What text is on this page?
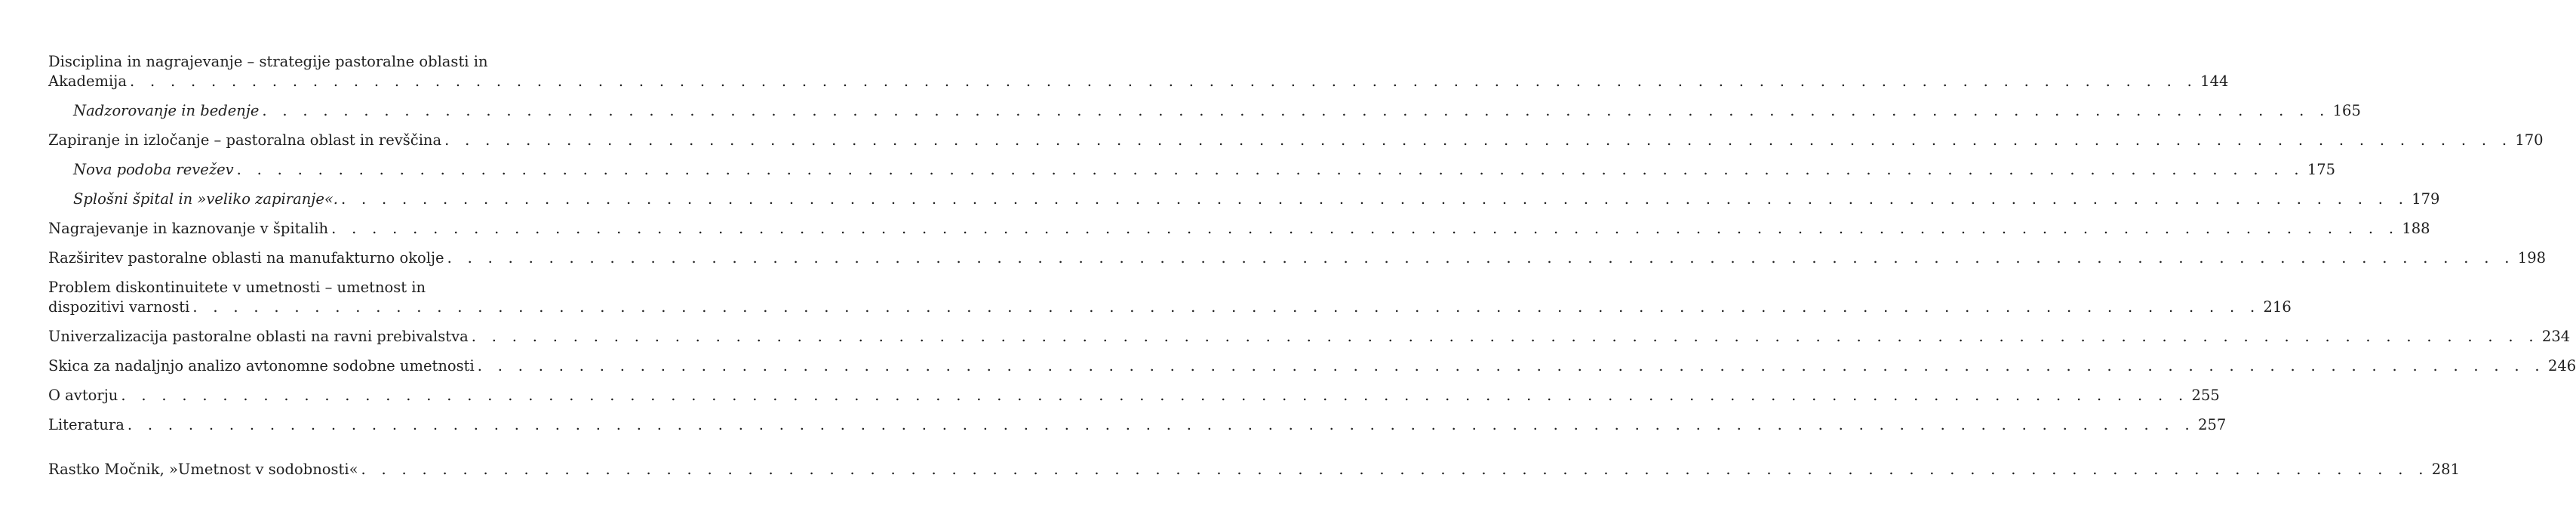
Disciplina in nagrajevanje – strategije pastoralne oblasti in
Akademija . . . . . . . . . . . . . . . . . . . . . . . . . . . . . . . . . . . . . . . . . . . . . . . . . . . . . . . . . . . . . . . . . . . . . . . . . . . . . . . . . . . . . . . . . . . . . . . . . . . . . . 144
Nadzorovanje in bedenje . . . . . . . . . . . . . . . . . . . . . . . . . . . . . . . . . . . . . . . . . . . . . . . . . . . . . . . . . . . . . . . . . . . . . . . . . . . . . . . . . . . . . . . . . . . . . . . . . . . . . . 165
Zapiranje in izločanje – pastoralna oblast in revščina . . . . . . . . . . . . . . . . . . . . . . . . . . . . . . . . . . . . . . . . . . . . . . . . . . . . . . . . . . . . . . . . . . . . . . . . . . . . . . . . . . . . . . . . . . . . . . . . . . . . . . 170
Nova podoba revežev . . . . . . . . . . . . . . . . . . . . . . . . . . . . . . . . . . . . . . . . . . . . . . . . . . . . . . . . . . . . . . . . . . . . . . . . . . . . . . . . . . . . . . . . . . . . . . . . . . . . . . 175
Splošni špital in »veliko zapiranje«. . . . . . . . . . . . . . . . . . . . . . . . . . . . . . . . . . . . . . . . . . . . . . . . . . . . . . . . . . . . . . . . . . . . . . . . . . . . . . . . . . . . . . . . . . . . . . . . . . . . . . . 179
Nagrajevanje in kaznovanje v špitalih . . . . . . . . . . . . . . . . . . . . . . . . . . . . . . . . . . . . . . . . . . . . . . . . . . . . . . . . . . . . . . . . . . . . . . . . . . . . . . . . . . . . . . . . . . . . . . . . . . . . . . 188
Razširitev pastoralne oblasti na manufakturno okolje . . . . . . . . . . . . . . . . . . . . . . . . . . . . . . . . . . . . . . . . . . . . . . . . . . . . . . . . . . . . . . . . . . . . . . . . . . . . . . . . . . . . . . . . . . . . . . . . . . . . . . 198
Problem diskontinuitete v umetnosti – umetnost in
dispozitivi varnosti . . . . . . . . . . . . . . . . . . . . . . . . . . . . . . . . . . . . . . . . . . . . . . . . . . . . . . . . . . . . . . . . . . . . . . . . . . . . . . . . . . . . . . . . . . . . . . . . . . . . . . 216
Univerzalizacija pastoralne oblasti na ravni prebivalstva . . . . . . . . . . . . . . . . . . . . . . . . . . . . . . . . . . . . . . . . . . . . . . . . . . . . . . . . . . . . . . . . . . . . . . . . . . . . . . . . . . . . . . . . . . . . . . . . . . . . . . 234
Skica za nadaljnjo analizo avtonomne sodobne umetnosti . . . . . . . . . . . . . . . . . . . . . . . . . . . . . . . . . . . . . . . . . . . . . . . . . . . . . . . . . . . . . . . . . . . . . . . . . . . . . . . . . . . . . . . . . . . . . . . . . . . . . . 246
O avtorju . . . . . . . . . . . . . . . . . . . . . . . . . . . . . . . . . . . . . . . . . . . . . . . . . . . . . . . . . . . . . . . . . . . . . . . . . . . . . . . . . . . . . . . . . . . . . . . . . . . . . . 255
Literatura . . . . . . . . . . . . . . . . . . . . . . . . . . . . . . . . . . . . . . . . . . . . . . . . . . . . . . . . . . . . . . . . . . . . . . . . . . . . . . . . . . . . . . . . . . . . . . . . . . . . . . 257
Rastko Močnik, »Umetnost v sodobnosti« . . . . . . . . . . . . . . . . . . . . . . . . . . . . . . . . . . . . . . . . . . . . . . . . . . . . . . . . . . . . . . . . . . . . . . . . . . . . . . . . . . . . . . . . . . . . . . . . . . . . . . 281
